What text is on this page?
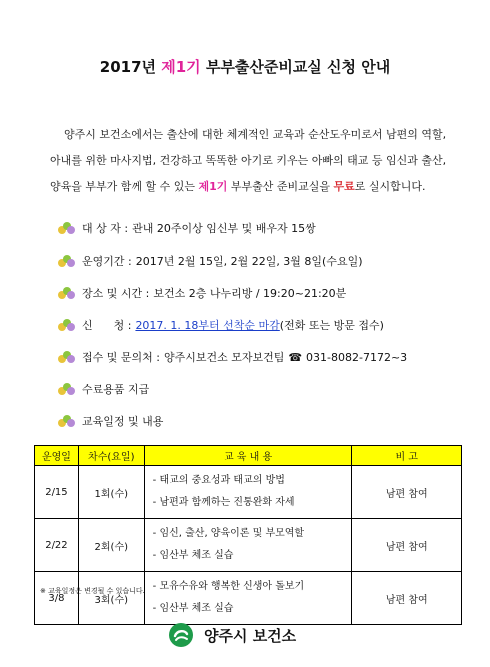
2017년 제1기 부부출산준비교실 신청 안내

양주시 보건소에서는 출산에 대한 체계적인 교육과 순산도우미로서 남편의 역할,

아내를 위한 마사지법, 건강하고 똑똑한 아기로 키우는 아빠의 태교 등 임신과 출산,

양육을 부부가 함께 할 수 있는 제1기 부부출산 준비교실을 무료로 실시합니다.

대 상 자 : 관내 20주이상 임신부 및 배우자 15쌍
운영기간 : 2017년 2월 15일, 2월 22일, 3월 8일(수요일)
장소 및 시간 : 보건소 2층 나누리방 / 19:20~21:20분
신      청 : 2017. 1. 18부터 선착순 마감 (전화 또는 방문 접수)
접수 및 문의처 : 양주시보건소 모자보건팀 ☎ 031-8082-7172~3
수료용품 지급
교육일정 및 내용
운영일	차수(요일)	교 육 내 용	비 고
2/15	1회(수)	- 태교의 중요성과 태교의 방법
- 남편과 함께하는 진통완화 자세	남편 참여
2/22	2회(수)	- 임신, 출산, 양육이론 및 부모역할
- 임산부 체조 실습	남편 참여
3/8	3회(수)	- 모유수유와 행복한 신생아 돌보기
- 임산부 체조 실습	남편 참여
※ 교육일정은 변경될 수 있습니다.
양주시 보건소
